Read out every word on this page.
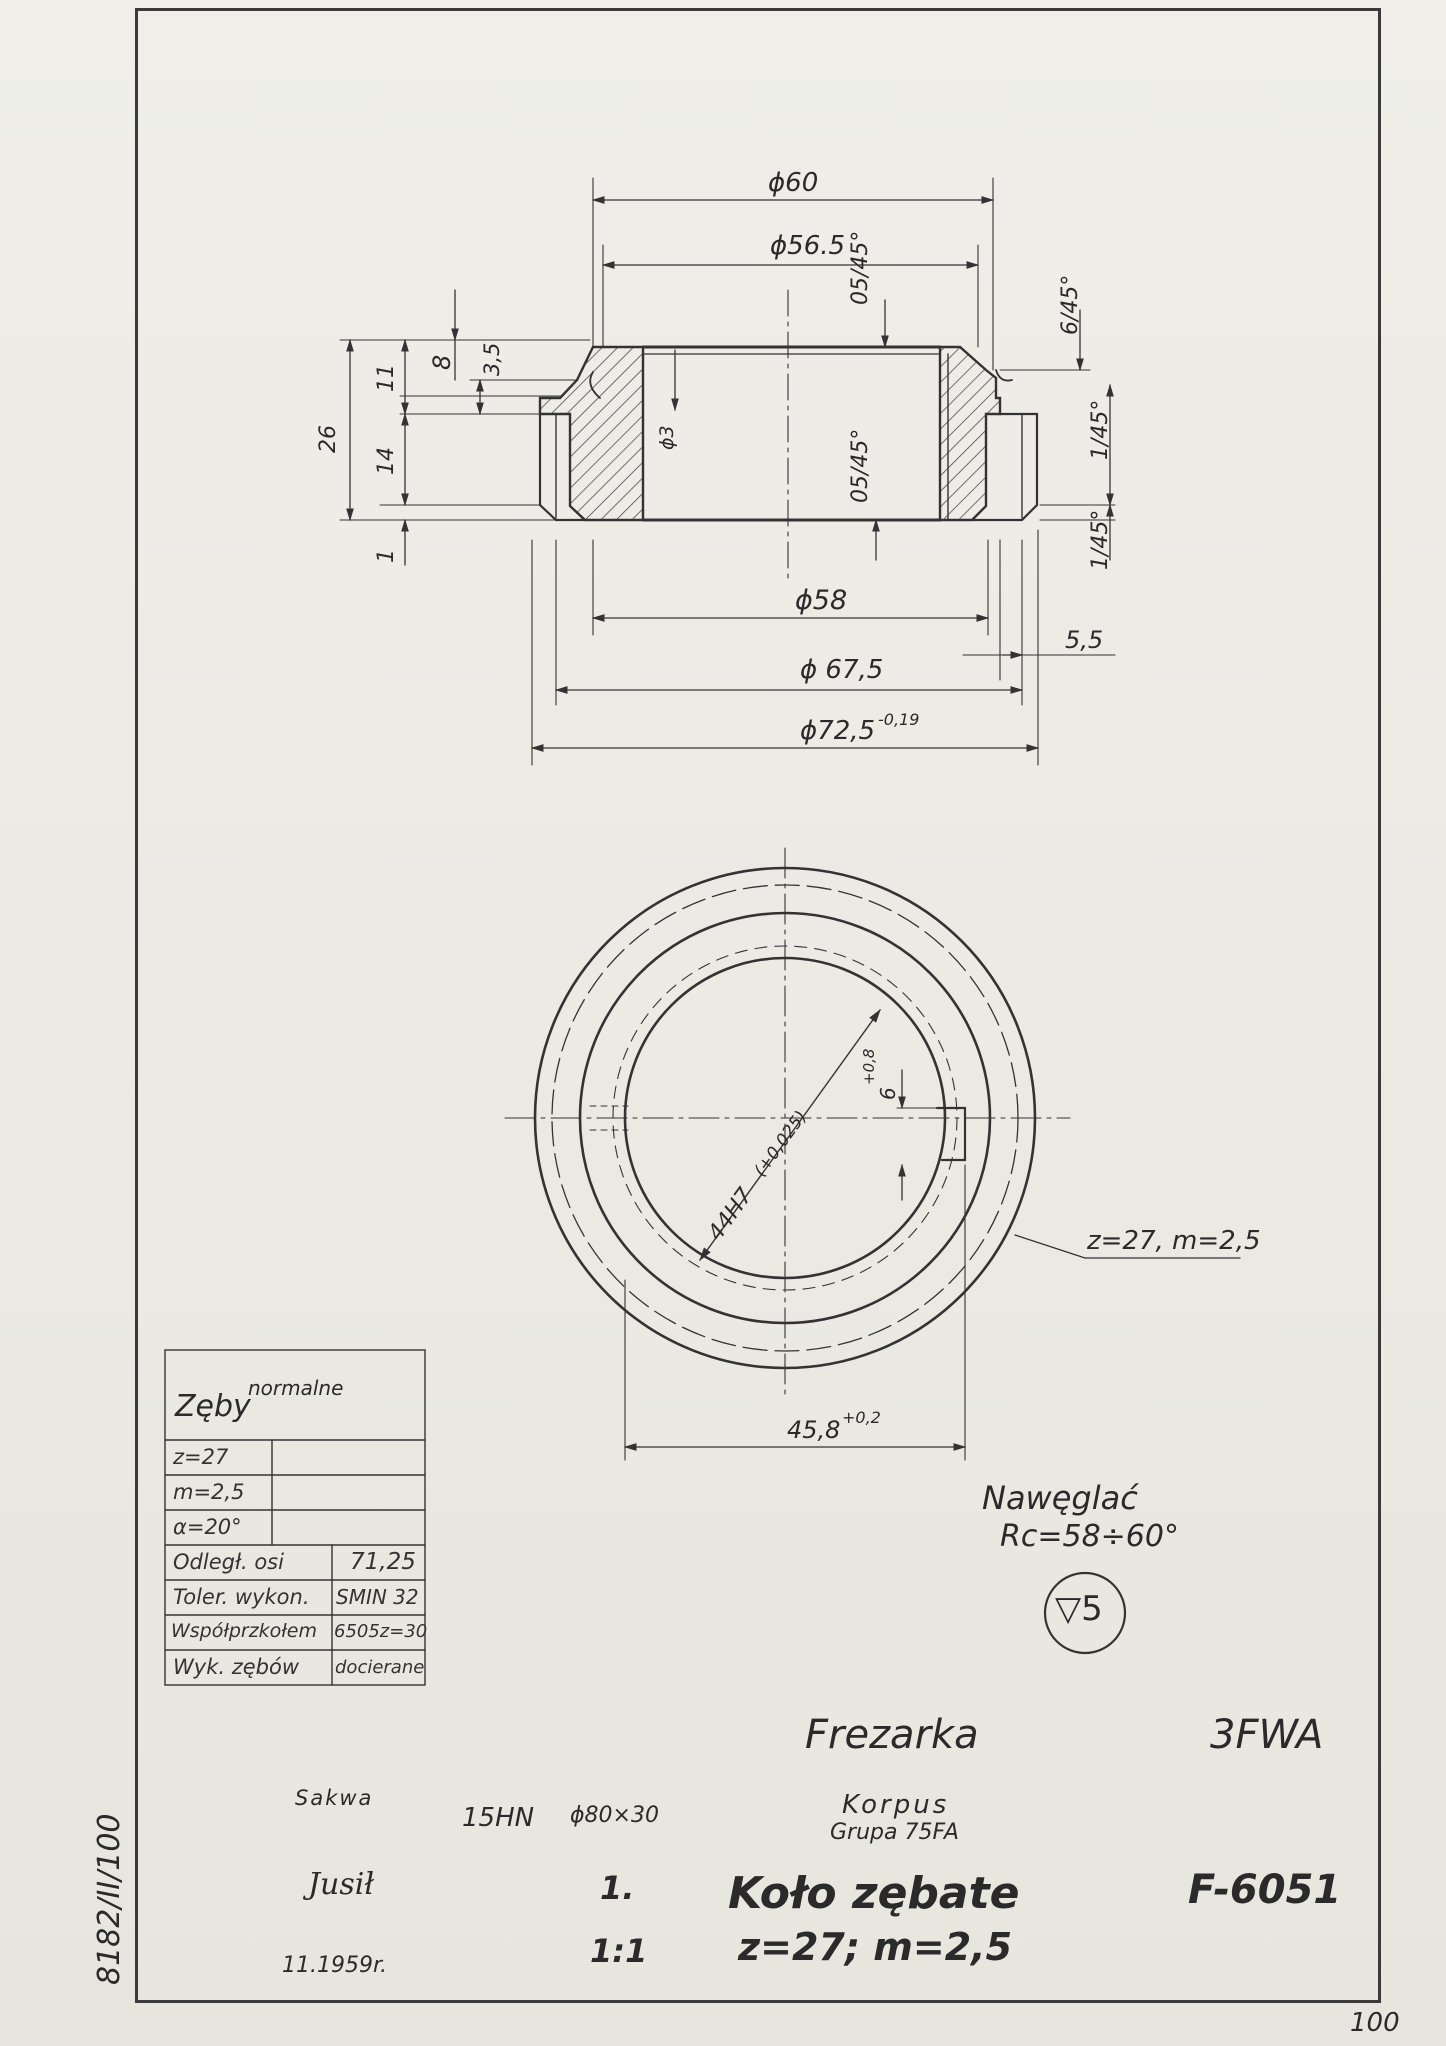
ϕ60
ϕ56.5 05/45°
05/45°
6/45°
1/45°
1/45°
26
11
14
1
8 3,5
ϕ3
ϕ58
5,5
ϕ 67,5
ϕ72,5 -0,19
44H7
(+0,025)
6
+0,8
z=27, m=2,5
45,8 +0,2
Nawęglać
Rc=58÷60°
▽5
Zęby
normalne
z=27
m=2,5
α=20°
Odległ. osi
Toler. wykon.
Współprzkołem
Wyk. zębów
71,25
SMIN 32
6505z=30
docierane
Frezarka	3FWA
Korpus
Grupa 75FA
Koło zębate
z=27; m=2,5
F-6051
Sakwa
15HN ϕ80×30
1.
1:1
Jusił
11.1959r.
8182/II/100
100
